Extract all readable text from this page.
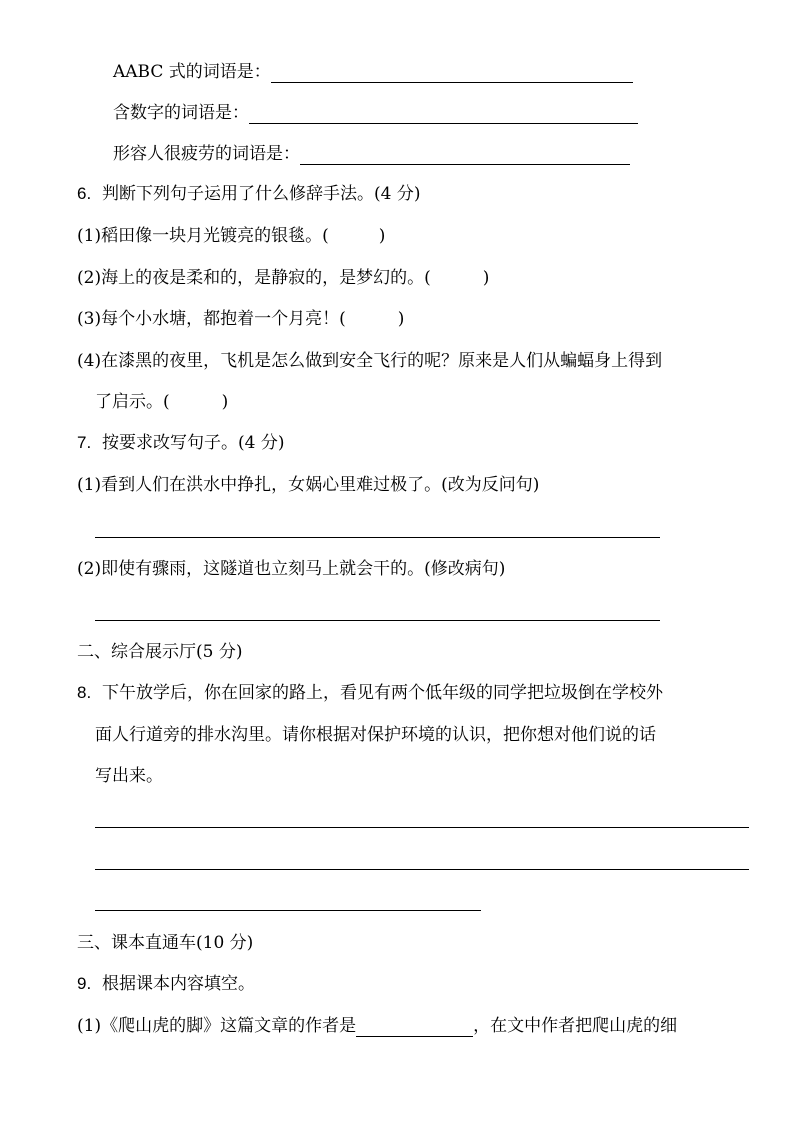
AABC 式的词语是：
含数字的词语是：
形容人很疲劳的词语是：
6. 判断下列句子运用了什么修辞手法。(4 分)
(1)稻田像一块月光镀亮的银毯。(	)
(2)海上的夜是柔和的，是静寂的，是梦幻的。(	)
(3)每个小水塘，都抱着一个月亮！(	)
(4)在漆黑的夜里，飞机是怎么做到安全飞行的呢？原来是人们从蝙蝠身上得到
了启示。(	)
7. 按要求改写句子。(4 分)
(1)看到人们在洪水中挣扎，女娲心里难过极了。(改为反问句)
(2)即使有骤雨，这隧道也立刻马上就会干的。(修改病句)
二、综合展示厅(5 分)
8. 下午放学后，你在回家的路上，看见有两个低年级的同学把垃圾倒在学校外
面人行道旁的排水沟里。请你根据对保护环境的认识，把你想对他们说的话
写出来。
三、课本直通车(10 分)
9. 根据课本内容填空。
(1)《爬山虎的脚》这篇文章的作者是	，在文中作者把爬山虎的细
